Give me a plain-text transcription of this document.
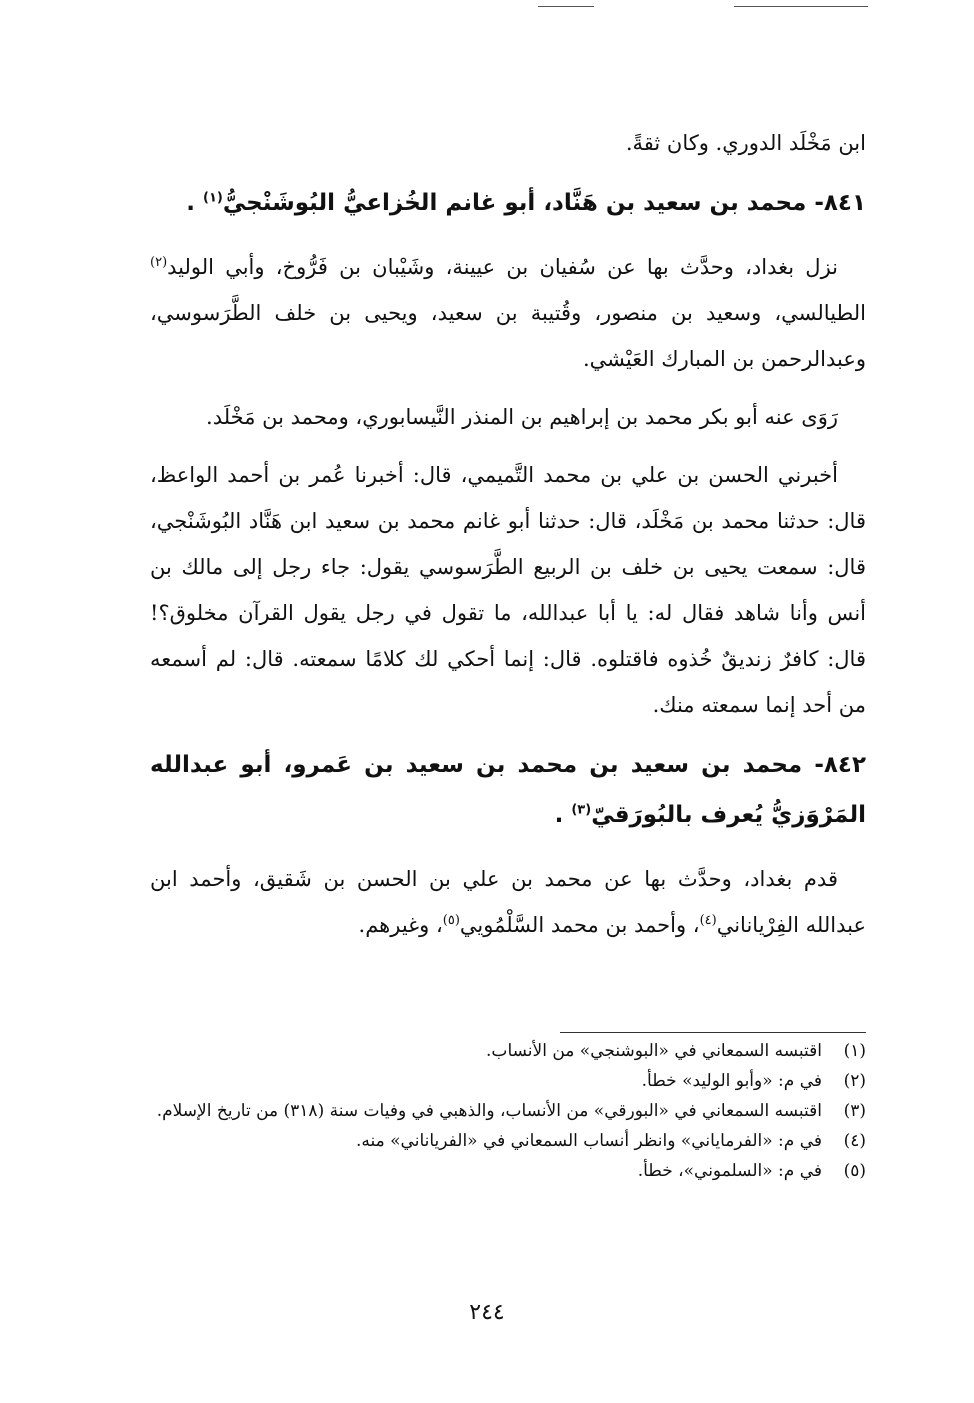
ابن مَخْلَد الدوري. وكان ثقةً.

٨٤١- محمد بن سعيد بن هَنَّاد، أبو غانم الخُزاعيُّ البُوشَنْجيُّ$^{(١)}$ .

نزل بغداد، وحدَّث بها عن سُفيان بن عيينة، وشَيْبان بن فَرُّوخ، وأبي الوليد$^{(٢)}$ الطيالسي، وسعيد بن منصور، وقُتيبة بن سعيد، ويحيى بن خلف الطَّرَسوسي، وعبدالرحمن بن المبارك العَيْشي.

رَوَى عنه أبو بكر محمد بن إبراهيم بن المنذر النَّيسابوري، ومحمد بن مَخْلَد.

أخبرني الحسن بن علي بن محمد التَّميمي، قال: أخبرنا عُمر بن أحمد الواعظ، قال: حدثنا محمد بن مَخْلَد، قال: حدثنا أبو غانم محمد بن سعيد ابن هَنَّاد البُوشَنْجي، قال: سمعت يحيى بن خلف بن الربيع الطَّرَسوسي يقول: جاء رجل إلى مالك بن أنس وأنا شاهد فقال له: يا أبا عبدالله، ما تقول في رجل يقول القرآن مخلوق؟! قال: كافرٌ زنديقٌ خُذوه فاقتلوه. قال: إنما أحكي لك كلامًا سمعته. قال: لم أسمعه من أحد إنما سمعته منك.

٨٤٢- محمد بن سعيد بن محمد بن سعيد بن عَمرو، أبو عبدالله المَرْوَزيُّ يُعرف بالبُورَقيّ$^{(٣)}$ .

قدم بغداد، وحدَّث بها عن محمد بن علي بن الحسن بن شَقيق، وأحمد ابن عبدالله الفِرْياناني$^{(٤)}$، وأحمد بن محمد السَّلْمُويي$^{(٥)}$، وغيرهم.

(١)
اقتبسه السمعاني في «البوشنجي» من الأنساب.
(٢)
في م: «وأبو الوليد» خطأ.
(٣)
اقتبسه السمعاني في «البورقي» من الأنساب، والذهبي في وفيات سنة (٣١٨) من تاريخ الإسلام.
(٤)
في م: «الفرماياني» وانظر أنساب السمعاني في «الفرياناني» منه.
(٥)
في م: «السلموني»، خطأ.
٢٤٤
